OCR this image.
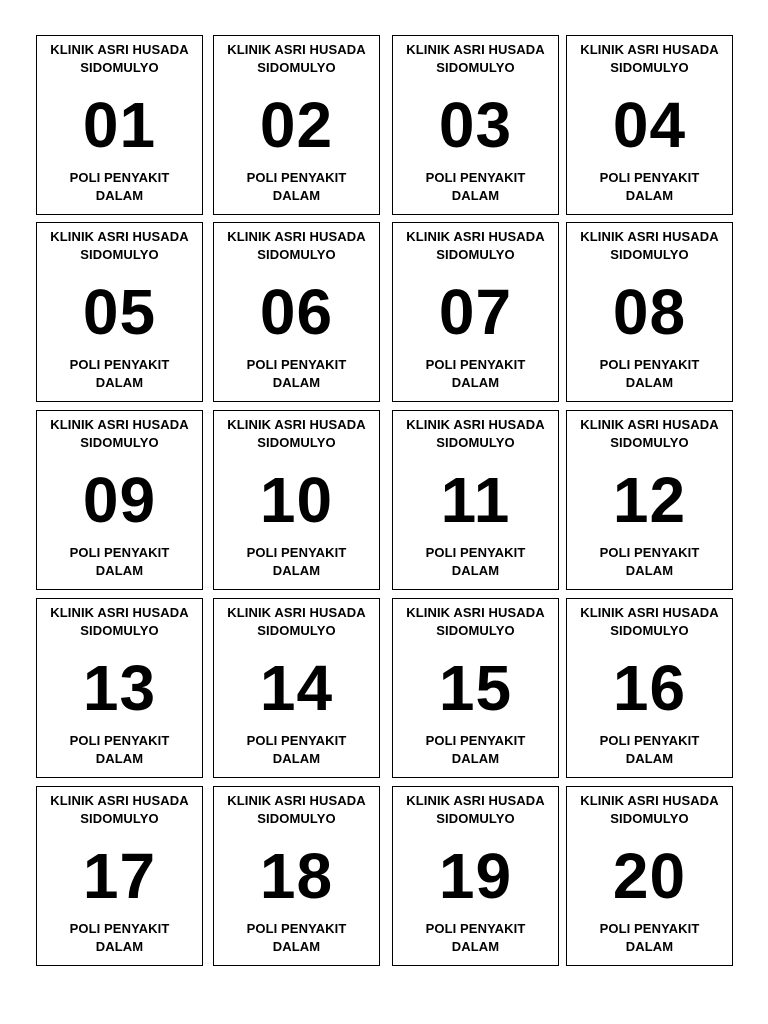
KLINIK ASRI HUSADA
SIDOMULYO
01
POLI PENYAKIT
DALAM
KLINIK ASRI HUSADA
SIDOMULYO
02
POLI PENYAKIT
DALAM
KLINIK ASRI HUSADA
SIDOMULYO
03
POLI PENYAKIT
DALAM
KLINIK ASRI HUSADA
SIDOMULYO
04
POLI PENYAKIT
DALAM
KLINIK ASRI HUSADA
SIDOMULYO
05
POLI PENYAKIT
DALAM
KLINIK ASRI HUSADA
SIDOMULYO
06
POLI PENYAKIT
DALAM
KLINIK ASRI HUSADA
SIDOMULYO
07
POLI PENYAKIT
DALAM
KLINIK ASRI HUSADA
SIDOMULYO
08
POLI PENYAKIT
DALAM
KLINIK ASRI HUSADA
SIDOMULYO
09
POLI PENYAKIT
DALAM
KLINIK ASRI HUSADA
SIDOMULYO
10
POLI PENYAKIT
DALAM
KLINIK ASRI HUSADA
SIDOMULYO
11
POLI PENYAKIT
DALAM
KLINIK ASRI HUSADA
SIDOMULYO
12
POLI PENYAKIT
DALAM
KLINIK ASRI HUSADA
SIDOMULYO
13
POLI PENYAKIT
DALAM
KLINIK ASRI HUSADA
SIDOMULYO
14
POLI PENYAKIT
DALAM
KLINIK ASRI HUSADA
SIDOMULYO
15
POLI PENYAKIT
DALAM
KLINIK ASRI HUSADA
SIDOMULYO
16
POLI PENYAKIT
DALAM
KLINIK ASRI HUSADA
SIDOMULYO
17
POLI PENYAKIT
DALAM
KLINIK ASRI HUSADA
SIDOMULYO
18
POLI PENYAKIT
DALAM
KLINIK ASRI HUSADA
SIDOMULYO
19
POLI PENYAKIT
DALAM
KLINIK ASRI HUSADA
SIDOMULYO
20
POLI PENYAKIT
DALAM
